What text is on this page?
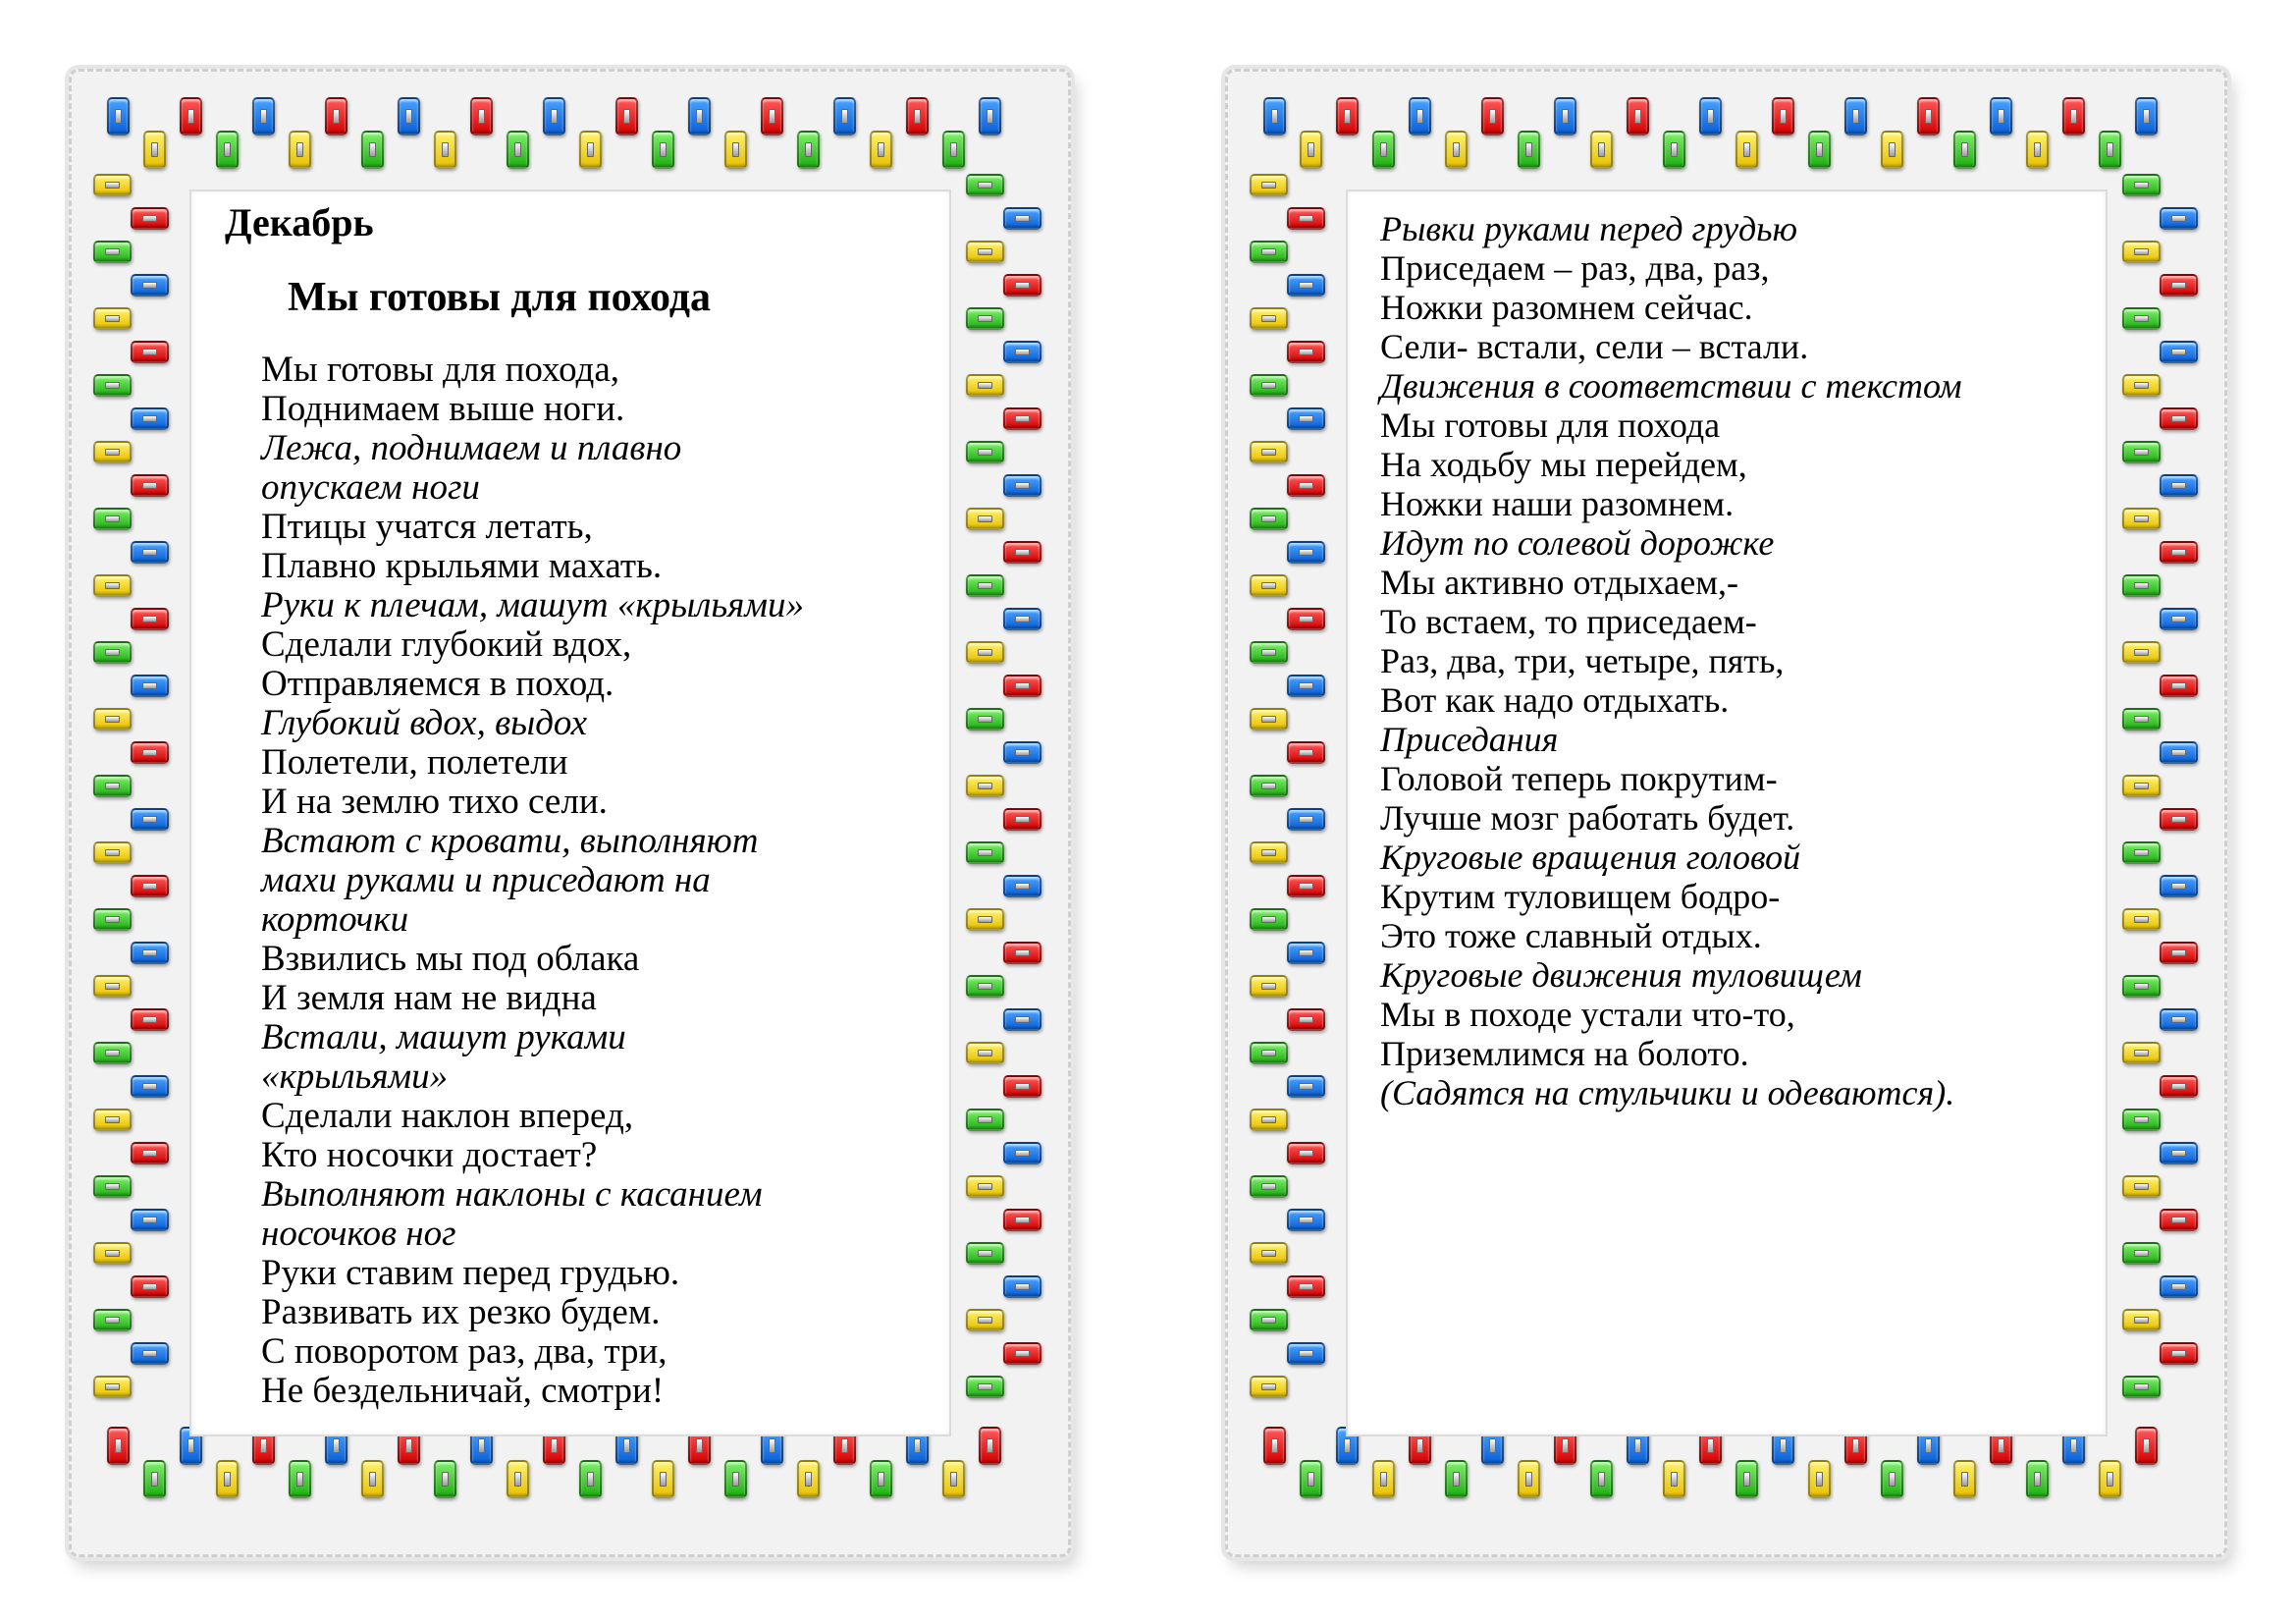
Декабрь
Мы готовы для похода
Мы готовы для похода,
Поднимаем выше ноги.
Лежа, поднимаем и плавно
опускаем ноги
Птицы учатся летать,
Плавно крыльями махать.
Руки к плечам, машут «крыльями»
Сделали глубокий вдох,
Отправляемся в поход.
Глубокий вдох, выдох
Полетели, полетели
И на землю тихо сели.
Встают с кровати, выполняют
махи руками и приседают на
корточки
Взвились мы под облака
И земля нам не видна
Встали, машут руками
«крыльями»
Сделали наклон вперед,
Кто носочки достает?
Выполняют наклоны с касанием
носочков ног
Руки ставим перед грудью.
Развивать их резко будем.
С поворотом раз, два, три,
Не бездельничай, смотри!
Рывки руками перед грудью
Приседаем – раз, два, раз,
Ножки разомнем сейчас.
Сели- встали, сели – встали.
Движения в соответствии с текстом
Мы готовы для похода
На ходьбу мы перейдем,
Ножки наши разомнем.
Идут по солевой дорожке
Мы активно отдыхаем,-
То встаем, то приседаем-
Раз, два, три, четыре, пять,
Вот как надо отдыхать.
Приседания
Головой теперь покрутим-
Лучше мозг работать будет.
Круговые вращения головой
Крутим туловищем бодро-
Это тоже славный отдых.
Круговые движения туловищем
Мы в походе устали что-то,
Приземлимся на болото.
(Садятся на стульчики и одеваются).
